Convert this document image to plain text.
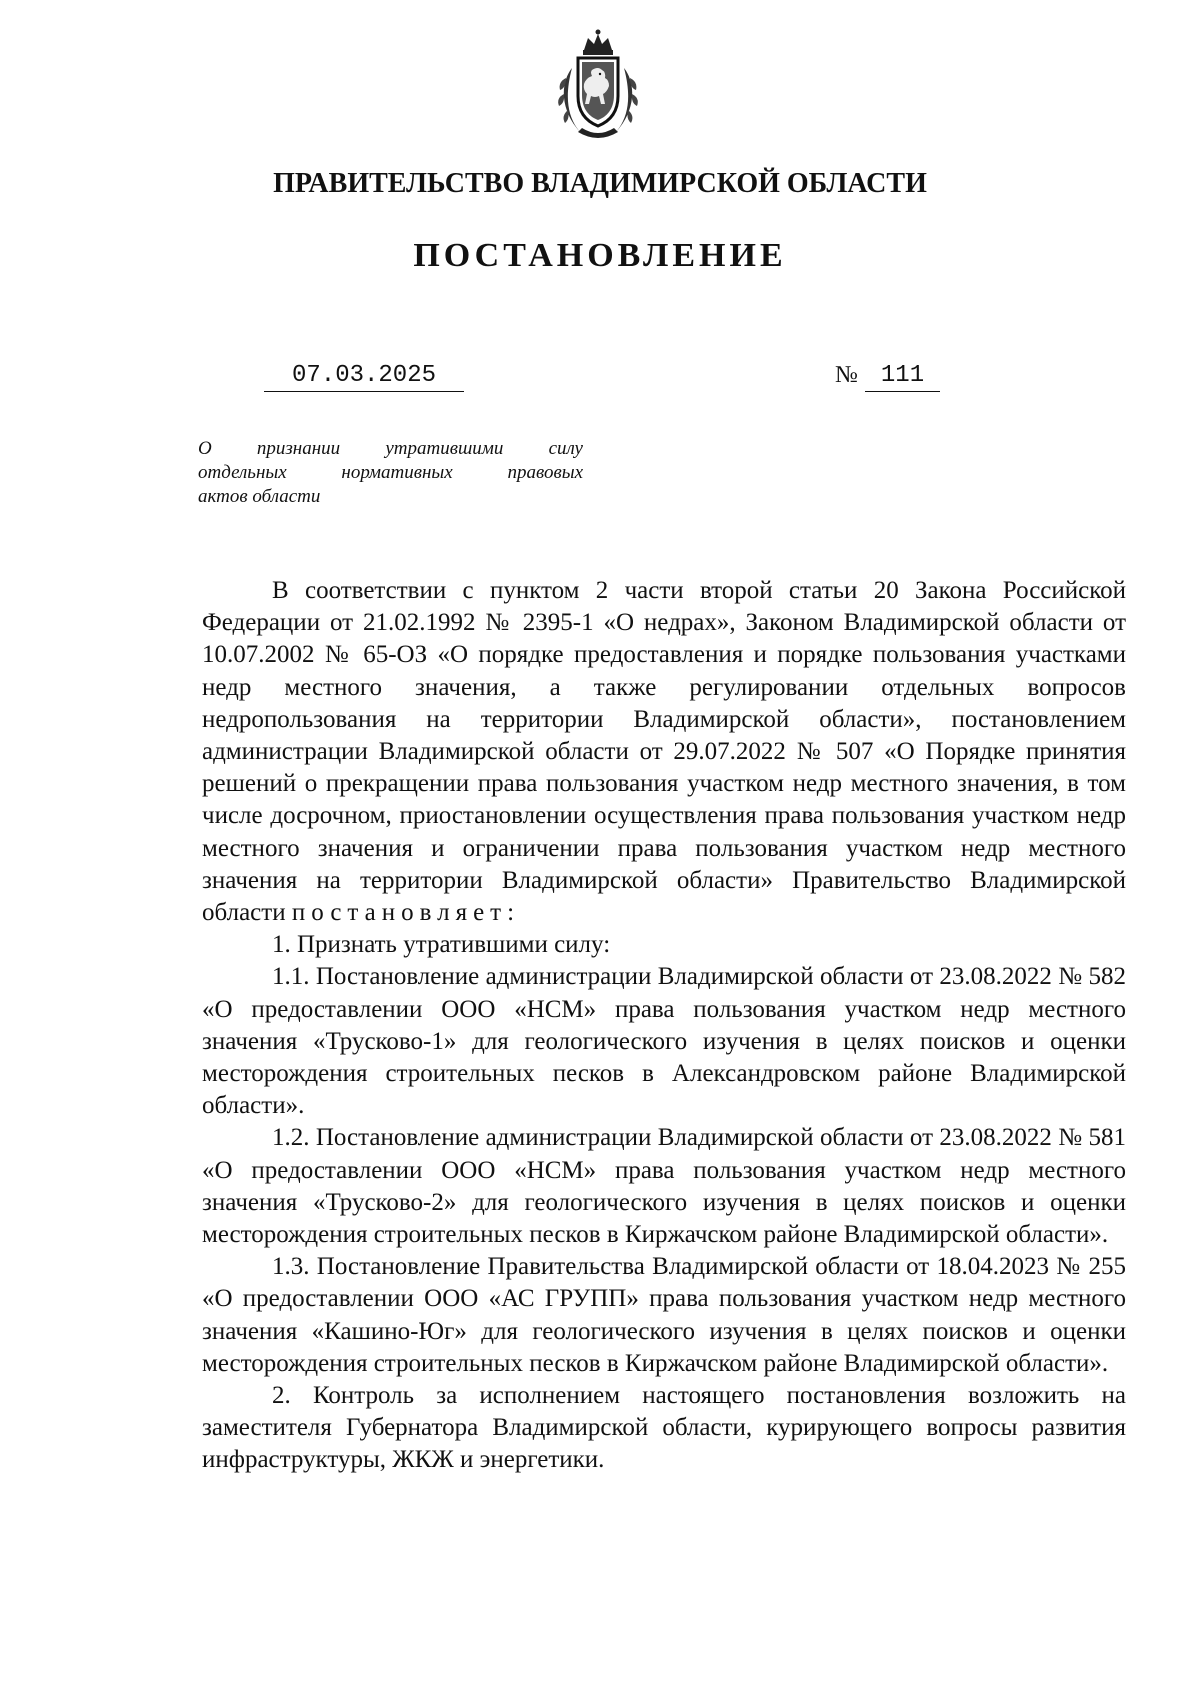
ПРАВИТЕЛЬСТВО ВЛАДИМИРСКОЙ ОБЛАСТИ
ПОСТАНОВЛЕНИЕ
07.03.2025	№ 111
О признании утратившими силу
отдельных нормативных правовых
актов области

В соответствии с пунктом 2 части второй статьи 20 Закона Российской Федерации от 21.02.1992 № 2395-1 «О недрах», Законом Владимирской области от 10.07.2002 № 65-ОЗ «О порядке предоставления и порядке пользования участками недр местного значения, а также регулировании отдельных вопросов недропользования на территории Владимирской области», постановлением администрации Владимирской области от 29.07.2022 № 507 «О Порядке принятия решений о прекращении права пользования участком недр местного значения, в том числе досрочном, приостановлении осуществления права пользования участком недр местного значения и ограничении права пользования участком недр местного значения на территории Владимирской области» Правительство Владимирской области постановляет:

1. Признать утратившими силу:

1.1. Постановление администрации Владимирской области от 23.08.2022 № 582 «О предоставлении ООО «НСМ» права пользования участком недр местного значения «Трусково-1» для геологического изучения в целях поисков и оценки месторождения строительных песков в Александровском районе Владимирской области».

1.2. Постановление администрации Владимирской области от 23.08.2022 № 581 «О предоставлении ООО «НСМ» права пользования участком недр местного значения «Трусково-2» для геологического изучения в целях поисков и оценки месторождения строительных песков в Киржачском районе Владимирской области».

1.3. Постановление Правительства Владимирской области от 18.04.2023 № 255 «О предоставлении ООО «АС ГРУПП» права пользования участком недр местного значения «Кашино-Юг» для геологического изучения в целях поисков и оценки месторождения строительных песков в Киржачском районе Владимирской области».

2. Контроль за исполнением настоящего постановления возложить на заместителя Губернатора Владимирской области, курирующего вопросы развития инфраструктуры, ЖКЖ и энергетики.
